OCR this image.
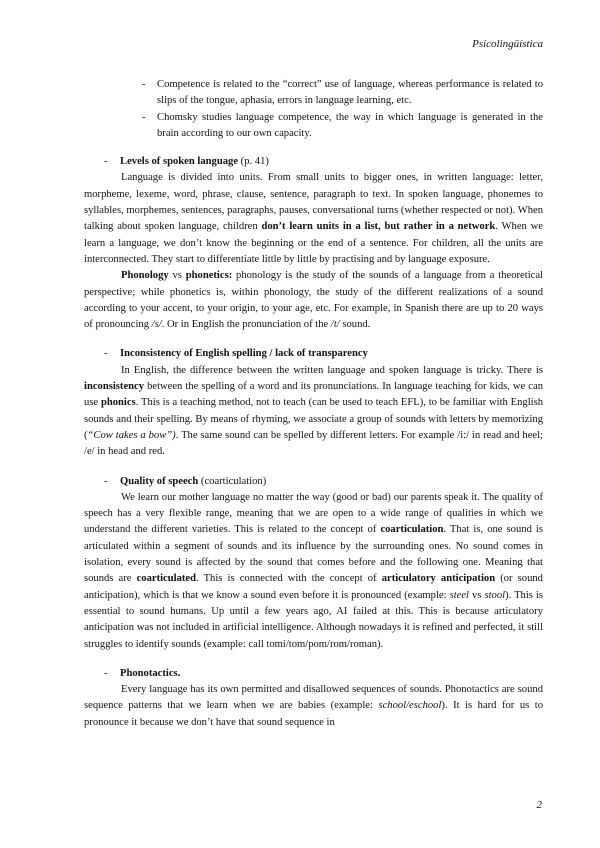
Psicolingüística
- Competence is related to the “correct” use of language, whereas performance is related to slips of the tongue, aphasia, errors in language learning, etc.
- Chomsky studies language competence, the way in which language is generated in the brain according to our own capacity.
- Levels of spoken language (p. 41)

Language is divided into units. From small units to bigger ones, in written language: letter, morpheme, lexeme, word, phrase, clause, sentence, paragraph to text. In spoken language, phonemes to syllables, morphemes, sentences, paragraphs, pauses, conversational turns (whether respected or not). When talking about spoken language, children don’t learn units in a list, but rather in a network. When we learn a language, we don’t know the beginning or the end of a sentence. For children, all the units are interconnected. They start to differentiate little by little by practising and by language exposure.

Phonology vs phonetics: phonology is the study of the sounds of a language from a theoretical perspective; while phonetics is, within phonology, the study of the different realizations of a sound according to your accent, to your origin, to your age, etc. For example, in Spanish there are up to 20 ways of pronouncing /s/. Or in English the pronunciation of the /t/ sound.

- Inconsistency of English spelling / lack of transparency

In English, the difference between the written language and spoken language is tricky. There is inconsistency between the spelling of a word and its pronunciations. In language teaching for kids, we can use phonics. This is a teaching method, not to teach (can be used to teach EFL), to be familiar with English sounds and their spelling. By means of rhyming, we associate a group of sounds with letters by memorizing (“Cow takes a bow”). The same sound can be spelled by different letters. For example /i:/ in read and heel; /e/ in head and red.

- Quality of speech (coarticulation)

We learn our mother language no matter the way (good or bad) our parents speak it. The quality of speech has a very flexible range, meaning that we are open to a wide range of qualities in which we understand the different varieties. This is related to the concept of coarticulation. That is, one sound is articulated within a segment of sounds and its influence by the surrounding ones. No sound comes in isolation, every sound is affected by the sound that comes before and the following one. Meaning that sounds are coarticulated. This is connected with the concept of articulatory anticipation (or sound anticipation), which is that we know a sound even before it is pronounced (example: steel vs stool). This is essential to sound humans. Up until a few years ago, AI failed at this. This is because articulatory anticipation was not included in artificial intelligence. Although nowadays it is refined and perfected, it still struggles to identify sounds (example: call tomi/tom/pom/rom/roman).

- Phonotactics.

Every language has its own permitted and disallowed sequences of sounds. Phonotactics are sound sequence patterns that we learn when we are babies (example: school/eschool). It is hard for us to pronounce it because we don’t have that sound sequence in

2
